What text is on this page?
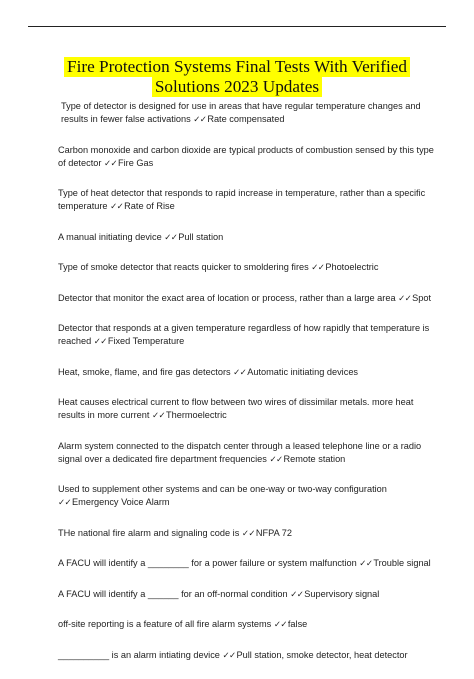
Fire Protection Systems Final Tests With Verified
Solutions 2023 Updates

Type of detector is designed for use in areas that have regular temperature changes and results in fewer false activations ✓✓Rate compensated

Carbon monoxide and carbon dioxide are typical products of combustion sensed by this type of detector ✓✓Fire Gas

Type of heat detector that responds to rapid increase in temperature, rather than a specific temperature ✓✓Rate of Rise

A manual initiating device ✓✓Pull station

Type of smoke detector that reacts quicker to smoldering fires ✓✓Photoelectric

Detector that monitor the exact area of location or process, rather than a large area ✓✓Spot

Detector that responds at a given temperature regardless of how rapidly that temperature is reached ✓✓Fixed Temperature

Heat, smoke, flame, and fire gas detectors ✓✓Automatic initiating devices

Heat causes electrical current to flow between two wires of dissimilar metals. more heat results in more current ✓✓Thermoelectric

Alarm system connected to the dispatch center through a leased telephone line or a radio signal over a dedicated fire department frequencies ✓✓Remote station

Used to supplement other systems and can be one-way or two-way configuration ✓✓Emergency Voice Alarm

THe national fire alarm and signaling code is ✓✓NFPA 72

A FACU will identify a ________ for a power failure or system malfunction ✓✓Trouble signal

A FACU will identify a ______ for an off-normal condition ✓✓Supervisory signal

off-site reporting is a feature of all fire alarm systems ✓✓false

__________ is an alarm intiating device ✓✓Pull station, smoke detector, heat detector
